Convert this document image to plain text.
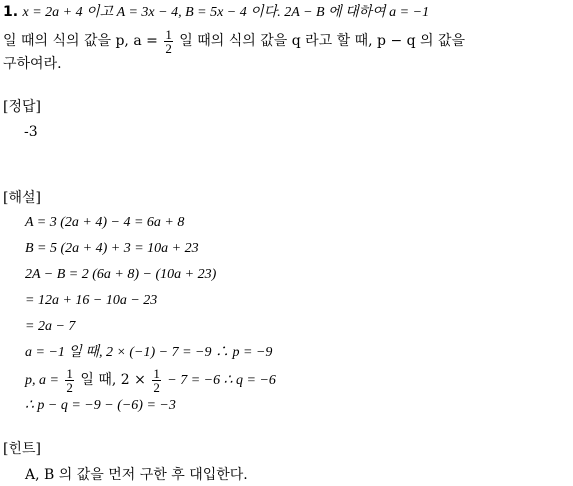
1. x = 2a + 4 이고 A = 3x − 4, B = 5x − 4 이다. 2A − B 에 대하여 a = −1
일 때의 식의 값을 p, $a = \frac{1}{2}$ 일 때의 식의 값을 q 라고 할 때, p − q 의 값을
구하여라.
[정답]
-3
[해설]
A = 3 (2a + 4) − 4 = 6a + 8
B = 5 (2a + 4) + 3 = 10a + 23
2A − B = 2 (6a + 8) − (10a + 23)
= 12a + 16 − 10a − 23
= 2a − 7
a = −1 일 때, 2 × (−1) − 7 = −9 ∴ p = −9
p, $a = \frac{1}{2}$ 일 때, $2 \times \frac{1}{2} - 7 = -6$ ∴ q = −6
∴ p − q = −9 − (−6) = −3
[힌트]
A, B 의 값을 먼저 구한 후 대입한다.
